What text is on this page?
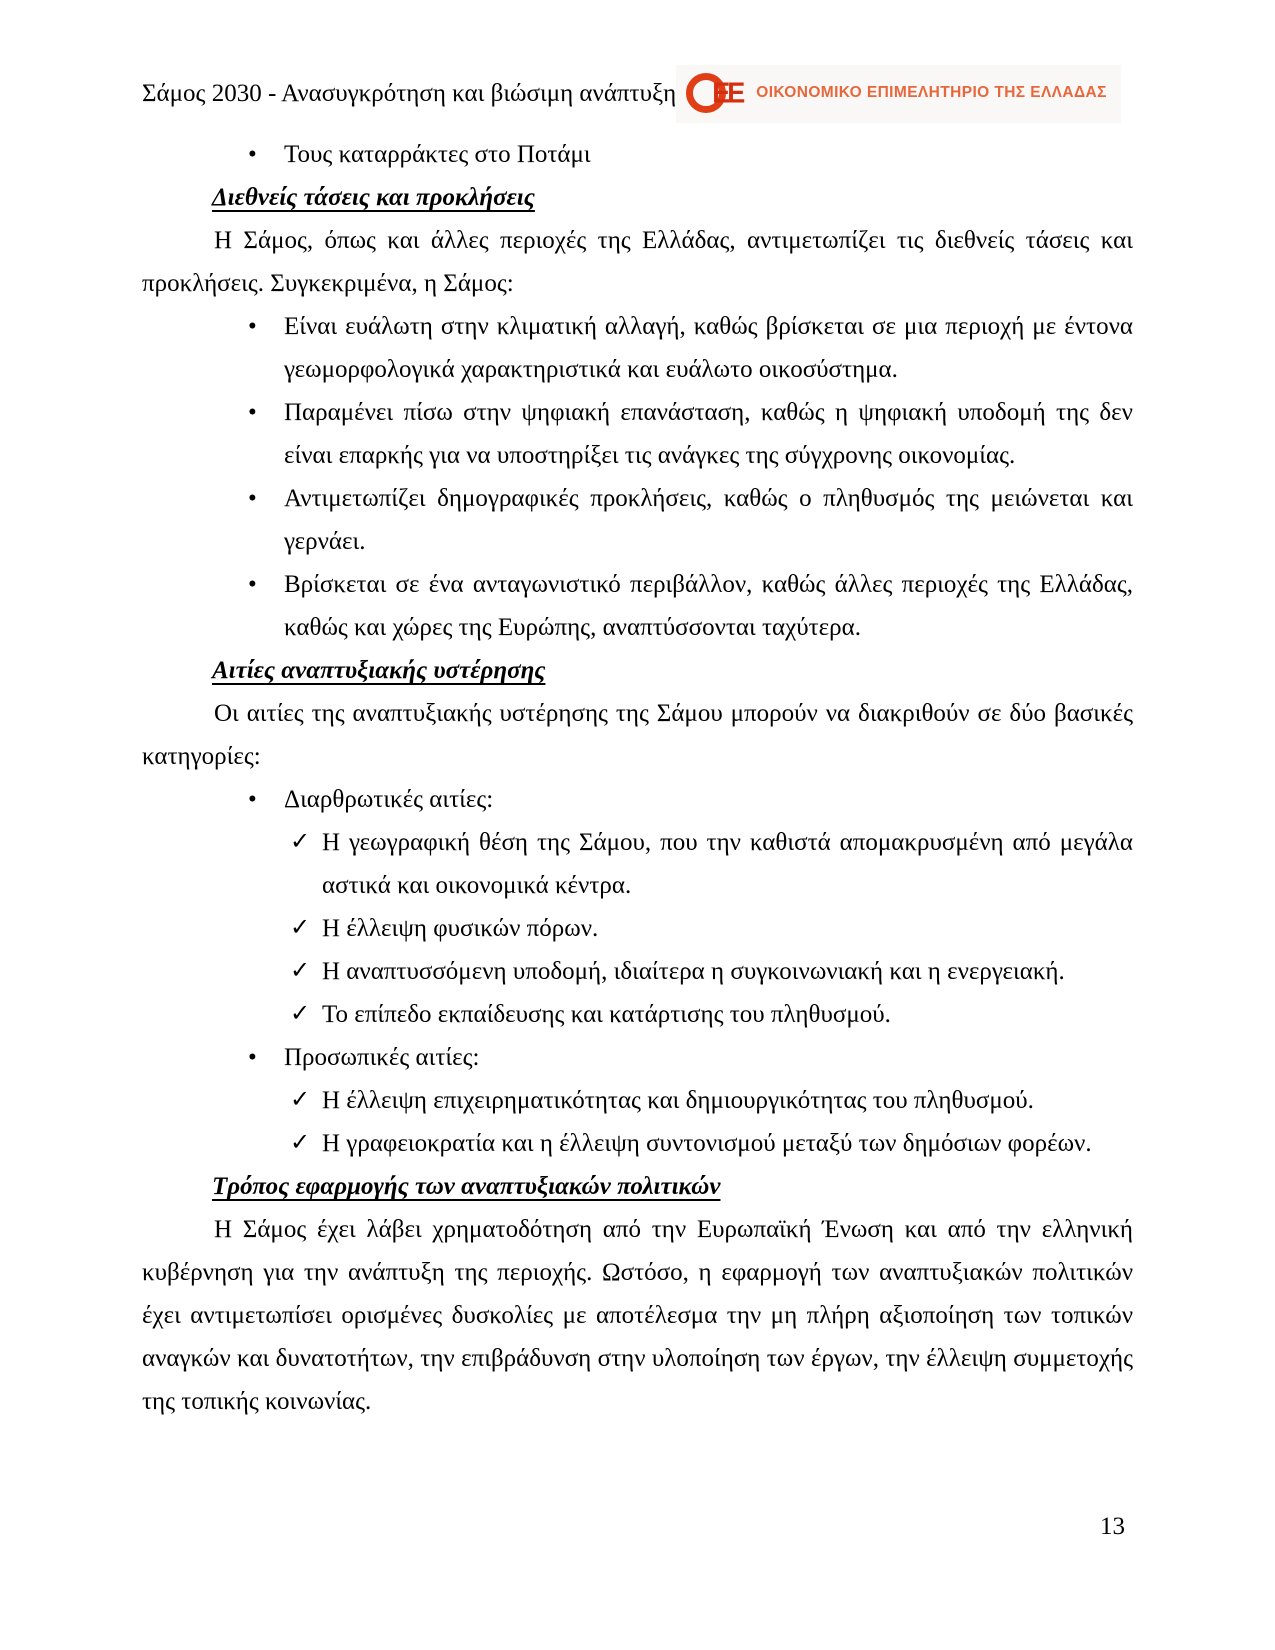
Σάμος 2030 - Ανασυγκρότηση και βιώσιμη ανάπτυξη EE ΟΙΚΟΝΟΜΙΚΟ ΕΠΙΜΕΛΗΤΗΡΙΟ ΤΗΣ ΕΛΛΑΔΑΣ
•	Τους καταρράκτες στο Ποτάμι
Διεθνείς τάσεις και προκλήσεις

Η Σάμος, όπως και άλλες περιοχές της Ελλάδας, αντιμετωπίζει τις διεθνείς τάσεις και προκλήσεις. Συγκεκριμένα, η Σάμος:

•	Είναι ευάλωτη στην κλιματική αλλαγή, καθώς βρίσκεται σε μια περιοχή με έντονα γεωμορφολογικά χαρακτηριστικά και ευάλωτο οικοσύστημα.
•	Παραμένει πίσω στην ψηφιακή επανάσταση, καθώς η ψηφιακή υποδομή της δεν είναι επαρκής για να υποστηρίξει τις ανάγκες της σύγχρονης οικονομίας.
•	Αντιμετωπίζει δημογραφικές προκλήσεις, καθώς ο πληθυσμός της μειώνεται και γερνάει.
•	Βρίσκεται σε ένα ανταγωνιστικό περιβάλλον, καθώς άλλες περιοχές της Ελλάδας, καθώς και χώρες της Ευρώπης, αναπτύσσονται ταχύτερα.
Αιτίες αναπτυξιακής υστέρησης

Οι αιτίες της αναπτυξιακής υστέρησης της Σάμου μπορούν να διακριθούν σε δύο βασικές κατηγορίες:

•	Διαρθρωτικές αιτίες:
✓ Η γεωγραφική θέση της Σάμου, που την καθιστά απομακρυσμένη από μεγάλα αστικά και οικονομικά κέντρα.
✓ Η έλλειψη φυσικών πόρων.
✓ Η αναπτυσσόμενη υποδομή, ιδιαίτερα η συγκοινωνιακή και η ενεργειακή.
✓ Το επίπεδο εκπαίδευσης και κατάρτισης του πληθυσμού.
•	Προσωπικές αιτίες:
✓ Η έλλειψη επιχειρηματικότητας και δημιουργικότητας του πληθυσμού.
✓ Η γραφειοκρατία και η έλλειψη συντονισμού μεταξύ των δημόσιων φορέων.
Τρόπος εφαρμογής των αναπτυξιακών πολιτικών

Η Σάμος έχει λάβει χρηματοδότηση από την Ευρωπαϊκή Ένωση και από την ελληνική κυβέρνηση για την ανάπτυξη της περιοχής. Ωστόσο, η εφαρμογή των αναπτυξιακών πολιτικών έχει αντιμετωπίσει ορισμένες δυσκολίες με αποτέλεσμα την μη πλήρη αξιοποίηση των τοπικών αναγκών και δυνατοτήτων, την επιβράδυνση στην υλοποίηση των έργων, την έλλειψη συμμετοχής της τοπικής κοινωνίας.

13
